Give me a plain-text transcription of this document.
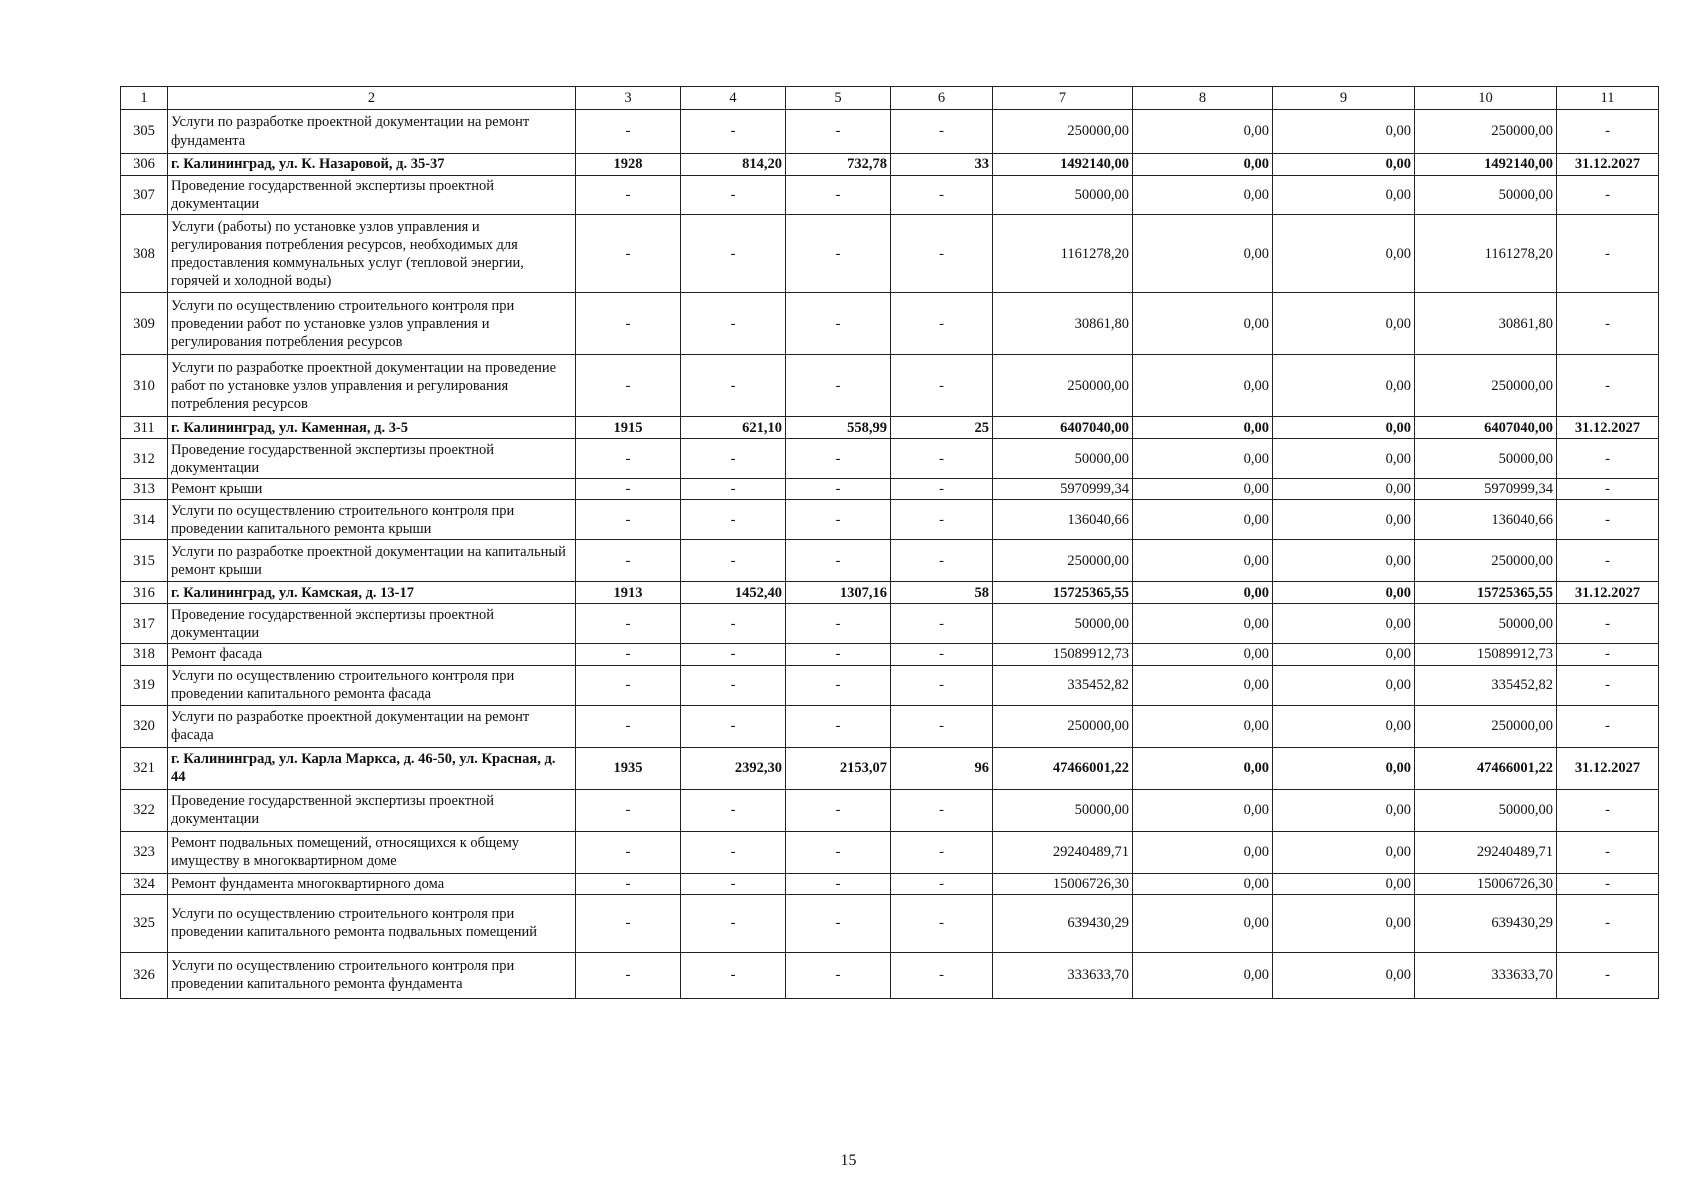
1	2	3	4	5	6	7	8	9	10	11
305	Услуги по разработке проектной документации на ремонт фундамента	-	-	-	-	250000,00	0,00	0,00	250000,00	-
306	г. Калининград, ул. К. Назаровой, д. 35-37	1928	814,20	732,78	33	1492140,00	0,00	0,00	1492140,00	31.12.2027
307	Проведение государственной экспертизы проектной документации	-	-	-	-	50000,00	0,00	0,00	50000,00	-
308	Услуги (работы) по установке узлов управления и регулирования потребления ресурсов, необходимых для предоставления коммунальных услуг (тепловой энергии, горячей и холодной воды)	-	-	-	-	1161278,20	0,00	0,00	1161278,20	-
309	Услуги по осуществлению строительного контроля при проведении работ по установке узлов управления и регулирования потребления ресурсов	-	-	-	-	30861,80	0,00	0,00	30861,80	-
310	Услуги по разработке проектной документации на проведение работ по установке узлов управления и регулирования потребления ресурсов	-	-	-	-	250000,00	0,00	0,00	250000,00	-
311	г. Калининград, ул. Каменная, д. 3-5	1915	621,10	558,99	25	6407040,00	0,00	0,00	6407040,00	31.12.2027
312	Проведение государственной экспертизы проектной документации	-	-	-	-	50000,00	0,00	0,00	50000,00	-
313	Ремонт крыши	-	-	-	-	5970999,34	0,00	0,00	5970999,34	-
314	Услуги по осуществлению строительного контроля при проведении капитального ремонта крыши	-	-	-	-	136040,66	0,00	0,00	136040,66	-
315	Услуги по разработке проектной документации на капитальный ремонт крыши	-	-	-	-	250000,00	0,00	0,00	250000,00	-
316	г. Калининград, ул. Камская, д. 13-17	1913	1452,40	1307,16	58	15725365,55	0,00	0,00	15725365,55	31.12.2027
317	Проведение государственной экспертизы проектной документации	-	-	-	-	50000,00	0,00	0,00	50000,00	-
318	Ремонт фасада	-	-	-	-	15089912,73	0,00	0,00	15089912,73	-
319	Услуги по осуществлению строительного контроля при проведении капитального ремонта фасада	-	-	-	-	335452,82	0,00	0,00	335452,82	-
320	Услуги по разработке проектной документации на ремонт фасада	-	-	-	-	250000,00	0,00	0,00	250000,00	-
321	г. Калининград, ул. Карла Маркса, д. 46-50, ул. Красная, д. 44	1935	2392,30	2153,07	96	47466001,22	0,00	0,00	47466001,22	31.12.2027
322	Проведение государственной экспертизы проектной документации	-	-	-	-	50000,00	0,00	0,00	50000,00	-
323	Ремонт подвальных помещений, относящихся к общему имуществу в многоквартирном доме	-	-	-	-	29240489,71	0,00	0,00	29240489,71	-
324	Ремонт фундамента многоквартирного дома	-	-	-	-	15006726,30	0,00	0,00	15006726,30	-
325	Услуги по осуществлению строительного контроля при проведении капитального ремонта подвальных помещений	-	-	-	-	639430,29	0,00	0,00	639430,29	-
326	Услуги по осуществлению строительного контроля при проведении капитального ремонта фундамента	-	-	-	-	333633,70	0,00	0,00	333633,70	-
15
